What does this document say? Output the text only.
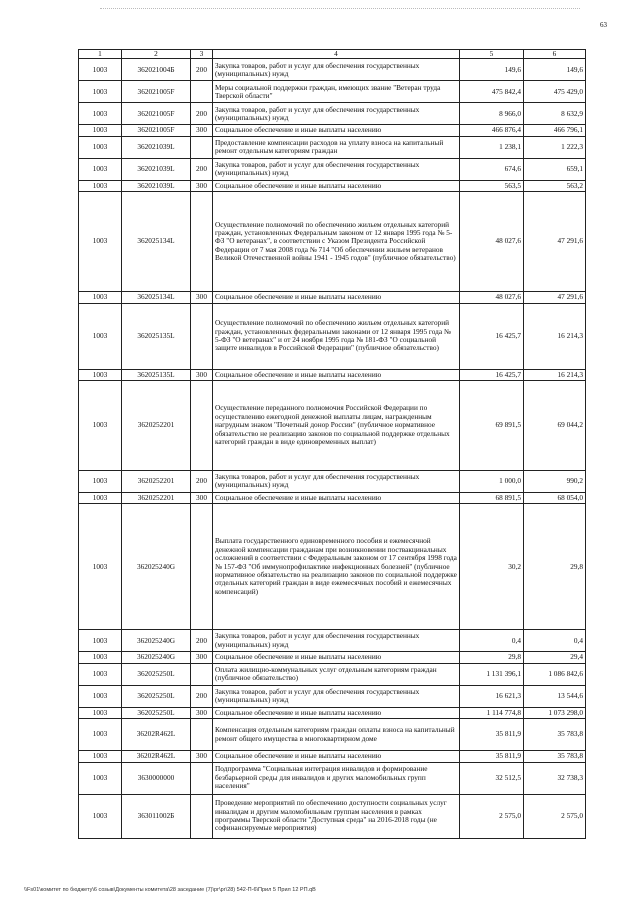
63
1	2	3	4	5	6
1003	362021004Б	200	Закупка товаров, работ и услуг для обеспечения государственных (муниципальных) нужд	149,6	149,6
1003	362021005F		Меры социальной поддержки граждан, имеющих звание "Ветеран труда Тверской области"	475 842,4	475 429,0
1003	362021005F	200	Закупка товаров, работ и услуг для обеспечения государственных (муниципальных) нужд	8 966,0	8 632,9
1003	362021005F	300	Социальное обеспечение и иные выплаты населению	466 876,4	466 796,1
1003	362021039L		Предоставление компенсации расходов на уплату взноса на капитальный ремонт отдельным категориям граждан	1 238,1	1 222,3
1003	362021039L	200	Закупка товаров, работ и услуг для обеспечения государственных (муниципальных) нужд	674,6	659,1
1003	362021039L	300	Социальное обеспечение и иные выплаты населению	563,5	563,2
1003	362025134L		Осуществление полномочий по обеспечению жильем отдельных категорий граждан, установленных Федеральным законом от 12 января 1995 года № 5-ФЗ "О ветеранах", в соответствии с Указом Президента Российской Федерации от 7 мая 2008 года № 714 "Об обеспечении жильем ветеранов Великой Отечественной войны 1941 - 1945 годов" (публичное обязательство)	48 027,6	47 291,6
1003	362025134L	300	Социальное обеспечение и иные выплаты населению	48 027,6	47 291,6
1003	362025135L		Осуществление полномочий по обеспечению жильем отдельных категорий граждан, установленных федеральными законами от 12 января 1995 года № 5-ФЗ "О ветеранах" и от 24 ноября 1995 года № 181-ФЗ "О социальной защите инвалидов в Российской Федерации" (публичное обязательство)	16 425,7	16 214,3
1003	362025135L	300	Социальное обеспечение и иные выплаты населению	16 425,7	16 214,3
1003	3620252201		Осуществление переданного полномочия Российской Федерации по осуществлению ежегодной денежной выплаты лицам, награжденным нагрудным знаком "Почетный донор России" (публичное нормативное обязательство не реализацию законов по социальной поддержке отдельных категорий граждан в виде единовременных выплат)	69 891,5	69 044,2
1003	3620252201	200	Закупка товаров, работ и услуг для обеспечения государственных (муниципальных) нужд	1 000,0	990,2
1003	3620252201	300	Социальное обеспечение и иные выплаты населению	68 891,5	68 054,0
1003	362025240G		Выплата государственного единовременного пособия и ежемесячной денежной компенсации гражданам при возникновении поствакцинальных осложнений в соответствии с Федеральным законом от 17 сентября 1998 года № 157-ФЗ "Об иммунопрофилактике инфекционных болезней" (публичное нормативное обязательство на реализацию законов по социальной поддержке отдельных категорий граждан в виде ежемесячных пособий и ежемесячных компенсаций)	30,2	29,8
1003	362025240G	200	Закупка товаров, работ и услуг для обеспечения государственных (муниципальных) нужд	0,4	0,4
1003	362025240G	300	Социальное обеспечение и иные выплаты населению	29,8	29,4
1003	362025250L		Оплата жилищно-коммунальных услуг отдельным категориям граждан (публичное обязательство)	1 131 396,1	1 086 842,6
1003	362025250L	200	Закупка товаров, работ и услуг для обеспечения государственных (муниципальных) нужд	16 621,3	13 544,6
1003	362025250L	300	Социальное обеспечение и иные выплаты населению	1 114 774,8	1 073 298,0
1003	36202R462L		Компенсация отдельным категориям граждан оплаты взноса на капитальный ремонт общего имущества в многоквартирном доме	35 811,9	35 783,8
1003	36202R462L	300	Социальное обеспечение и иные выплаты населению	35 811,9	35 783,8
1003	3630000000		Подпрограмма "Социальная интеграция инвалидов и формирование безбарьерной среды для инвалидов и других маломобильных групп населения"	32 512,5	32 738,3
1003	363011002Б		Проведение мероприятий по обеспечению доступности социальных услуг инвалидам и другим маломобильным группам населения в рамках программы Тверской области "Доступная среда" на 2016-2018 годы (не софинансируемые мероприятия)	2 575,0	2 575,0
\\Fs01\комитет по бюджету\6 созыв\Документы комитета\28 заседание (7)\рг\рг\28) 542-П-6\Прил 5 Прил 12 РП.qB
